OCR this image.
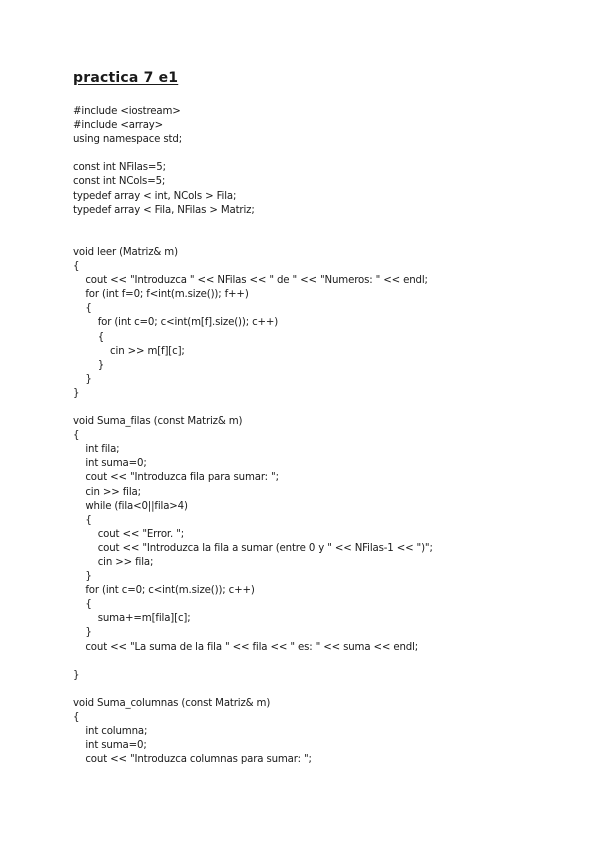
practica 7 e1
#include <iostream>
#include <array>
using namespace std;
const int NFilas=5;
const int NCols=5;
typedef array < int, NCols > Fila;
typedef array < Fila, NFilas > Matriz;
void leer (Matriz& m)
{
cout << "Introduzca " << NFilas << " de " << "Numeros: " << endl;
for (int f=0; f<int(m.size()); f++)
{
for (int c=0; c<int(m[f].size()); c++)
{
cin >> m[f][c];
}
}
}
void Suma_filas (const Matriz& m)
{
int fila;
int suma=0;
cout << "Introduzca fila para sumar: ";
cin >> fila;
while (fila<0||fila>4)
{
cout << "Error. ";
cout << "Introduzca la fila a sumar (entre 0 y " << NFilas-1 << ")";
cin >> fila;
}
for (int c=0; c<int(m.size()); c++)
{
suma+=m[fila][c];
}
cout << "La suma de la fila " << fila << " es: " << suma << endl;
}
void Suma_columnas (const Matriz& m)
{
int columna;
int suma=0;
cout << "Introduzca columnas para sumar: ";
